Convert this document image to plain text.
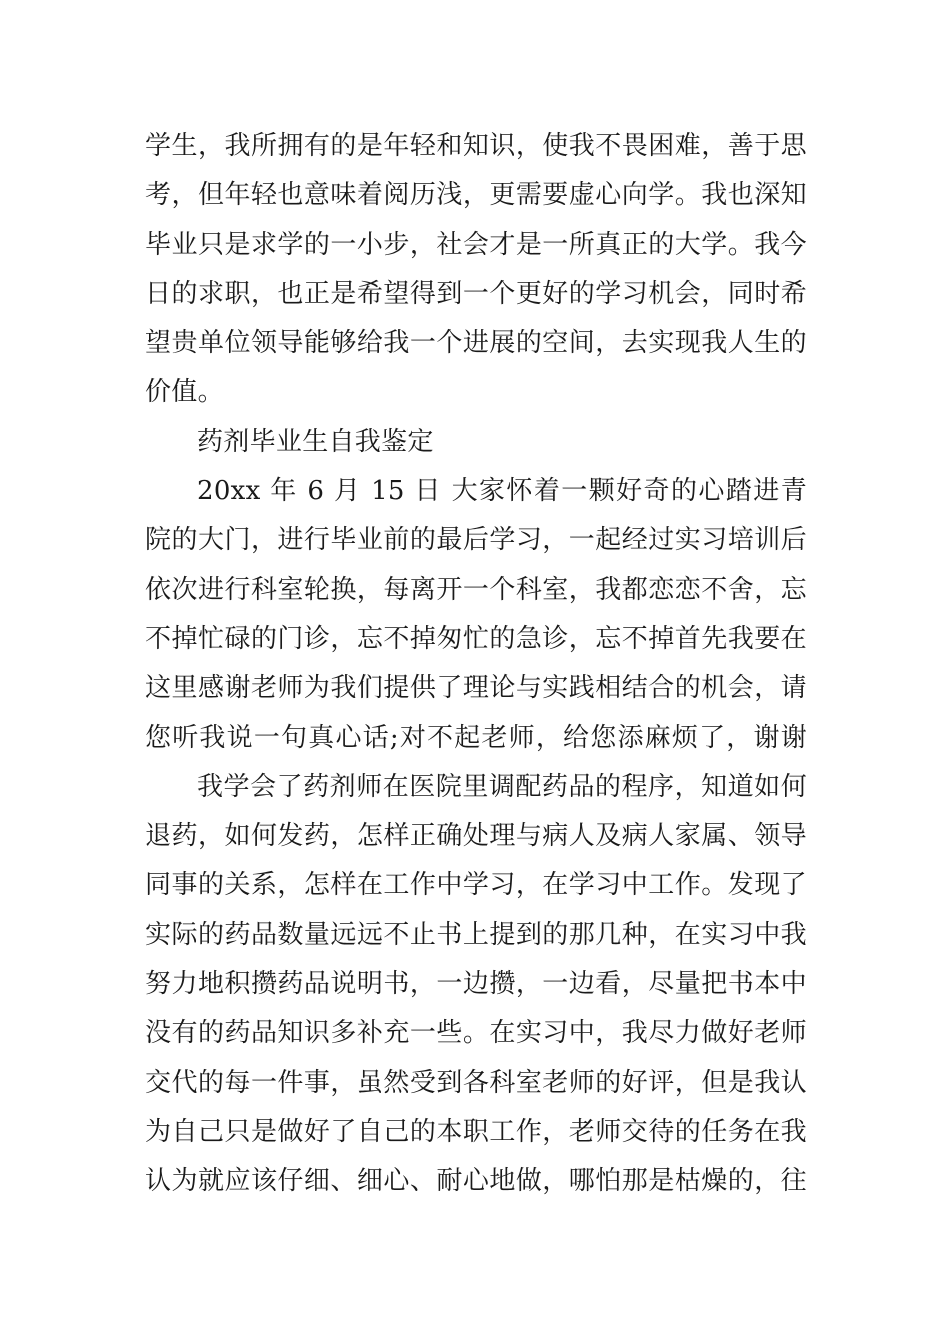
学生，我所拥有的是年轻和知识，使我不畏困难，善于思
考，但年轻也意味着阅历浅，更需要虚心向学。我也深知
毕业只是求学的一小步，社会才是一所真正的大学。我今
日的求职，也正是希望得到一个更好的学习机会，同时希
望贵单位领导能够给我一个进展的空间，去实现我人生的
价值。
药剂毕业生自我鉴定
20xx 年 6 月 15 日 大家怀着一颗好奇的心踏进青
院的大门，进行毕业前的最后学习，一起经过实习培训后
依次进行科室轮换，每离开一个科室，我都恋恋不舍，忘
不掉忙碌的门诊，忘不掉匆忙的急诊，忘不掉首先我要在
这里感谢老师为我们提供了理论与实践相结合的机会，请
您听我说一句真心话;对不起老师，给您添麻烦了，谢谢
我学会了药剂师在医院里调配药品的程序，知道如何
退药，如何发药，怎样正确处理与病人及病人家属、领导
同事的关系，怎样在工作中学习，在学习中工作。发现了
实际的药品数量远远不止书上提到的那几种，在实习中我
努力地积攒药品说明书，一边攒，一边看，尽量把书本中
没有的药品知识多补充一些。在实习中，我尽力做好老师
交代的每一件事，虽然受到各科室老师的好评，但是我认
为自己只是做好了自己的本职工作，老师交待的任务在我
认为就应该仔细、细心、耐心地做，哪怕那是枯燥的，往
